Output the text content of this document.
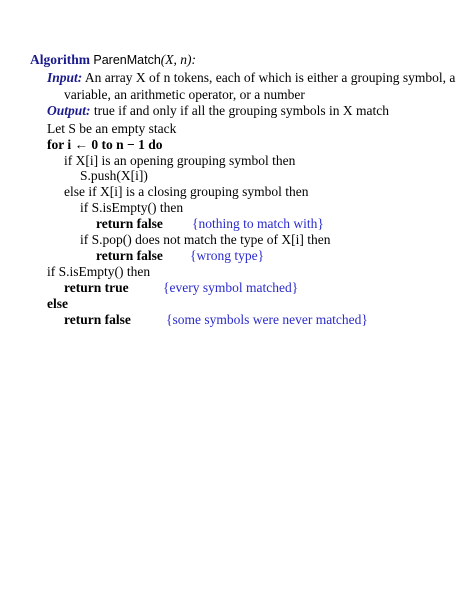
Algorithm ParenMatch(X, n):
Input: An array X of n tokens, each of which is either a grouping symbol, a
variable, an arithmetic operator, or a number
Output: true if and only if all the grouping symbols in X match
Let S be an empty stack
for i ← 0 to n − 1 do
if X[i] is an opening grouping symbol then
S.push(X[i])
else if X[i] is a closing grouping symbol then
if S.isEmpty() then
return false {nothing to match with}
if S.pop() does not match the type of X[i] then
return false {wrong type}
if S.isEmpty() then
return true	{every symbol matched}
else
return false	{some symbols were never matched}
